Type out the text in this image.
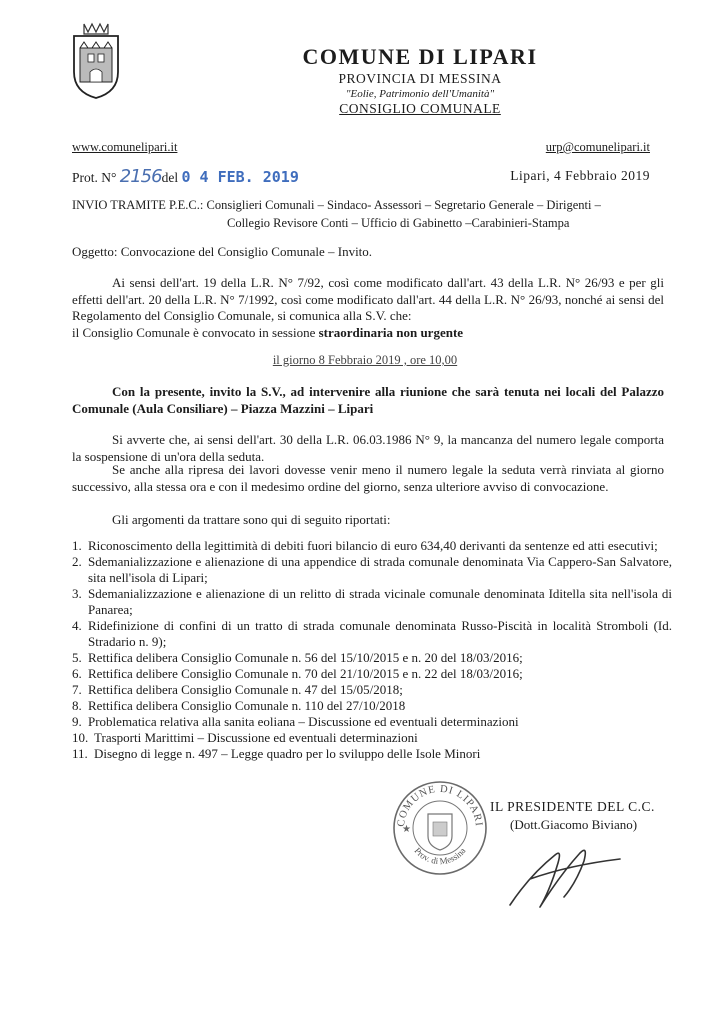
COMUNE DI LIPARI
PROVINCIA DI MESSINA
"Eolie, Patrimonio dell'Umanità"
CONSIGLIO COMUNALE
www.comunelipari.it	urp@comunelipari.it
Prot. N° 2156del 0 4 FEB. 2019	Lipari, 4 Febbraio 2019
INVIO TRAMITE P.E.C.: Consiglieri Comunali – Sindaco- Assessori – Segretario Generale – Dirigenti –
Collegio Revisore Conti – Ufficio di Gabinetto –Carabinieri-Stampa
Oggetto: Convocazione del Consiglio Comunale – Invito.
Ai sensi dell'art. 19 della L.R. N° 7/92, così come modificato dall'art. 43 della L.R. N° 26/93 e per gli effetti dell'art. 20 della L.R. N° 7/1992, così come modificato dall'art. 44 della L.R. N° 26/93, nonché ai sensi del Regolamento del Consiglio Comunale, si comunica alla S.V. che:
il Consiglio Comunale è convocato in sessione straordinaria non urgente
il giorno 8 Febbraio 2019 , ore 10,00
Con la presente, invito la S.V., ad intervenire alla riunione che sarà tenuta nei locali del Palazzo Comunale (Aula Consiliare) – Piazza Mazzini – Lipari
Si avverte che, ai sensi dell'art. 30 della L.R. 06.03.1986 N° 9, la mancanza del numero legale comporta la sospensione di un'ora della seduta.
Se anche alla ripresa dei lavori dovesse venir meno il numero legale la seduta verrà rinviata al giorno successivo, alla stessa ora e con il medesimo ordine del giorno, senza ulteriore avviso di convocazione.
Gli argomenti da trattare sono qui di seguito riportati:
1. Riconoscimento della legittimità di debiti fuori bilancio di euro 634,40 derivanti da sentenze ed atti esecutivi;
2. Sdemanializzazione e alienazione di una appendice di strada comunale denominata Via Cappero-San Salvatore, sita nell'isola di Lipari;
3. Sdemanializzazione e alienazione di un relitto di strada vicinale comunale denominata Iditella sita nell'isola di Panarea;
4. Ridefinizione di confini di un tratto di strada comunale denominata Russo-Piscità in località Stromboli (Id. Stradario n. 9);
5. Rettifica delibera Consiglio Comunale n. 56 del 15/10/2015 e n. 20 del 18/03/2016;
6. Rettifica delibere Consiglio Comunale n. 70 del 21/10/2015 e n. 22 del 18/03/2016;
7. Rettifica delibera Consiglio Comunale n. 47 del 15/05/2018;
8. Rettifica delibera Consiglio Comunale n. 110 del 27/10/2018
9. Problematica relativa alla sanita eoliana – Discussione ed eventuali determinazioni
10. Trasporti Marittimi – Discussione ed eventuali determinazioni
11. Disegno di legge n. 497 – Legge quadro per lo sviluppo delle Isole Minori
COMUNE DI LIPARI
Prov. di Messina
★
IL PRESIDENTE DEL C.C.
(Dott.Giacomo Biviano)
